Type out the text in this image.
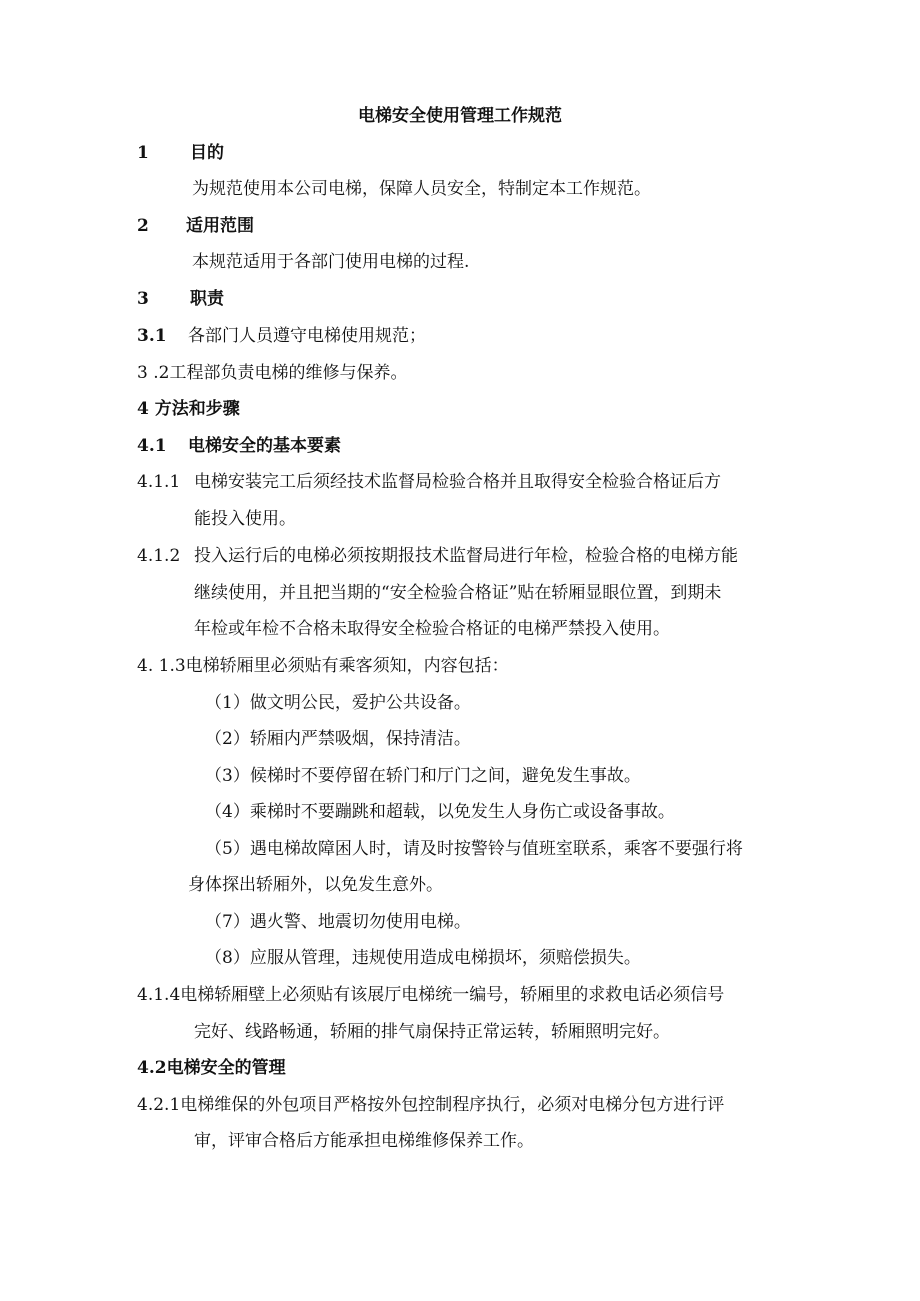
电梯安全使用管理工作规范
1 目的
为规范使用本公司电梯，保障人员安全，特制定本工作规范。
2 适用范围
本规范适用于各部门使用电梯的过程.
3 职责
3.1 各部门人员遵守电梯使用规范；
3 .2工程部负责电梯的维修与保养。
4 方法和步骤
4.1 电梯安全的基本要素
4.1.1 电梯安装完工后须经技术监督局检验合格并且取得安全检验合格证后方
能投入使用。
4.1.2 投入运行后的电梯必须按期报技术监督局进行年检，检验合格的电梯方能
继续使用，并且把当期的“安全检验合格证”贴在轿厢显眼位置，到期未
年检或年检不合格未取得安全检验合格证的电梯严禁投入使用。
4. 1.3电梯轿厢里必须贴有乘客须知，内容包括：
（1）做文明公民，爱护公共设备。
（2）轿厢内严禁吸烟，保持清洁。
（3）候梯时不要停留在轿门和厅门之间，避免发生事故。
（4）乘梯时不要蹦跳和超载，以免发生人身伤亡或设备事故。
（5）遇电梯故障困人时，请及时按警铃与值班室联系，乘客不要强行将
身体探出轿厢外，以免发生意外。
（7）遇火警、地震切勿使用电梯。
（8）应服从管理，违规使用造成电梯损坏，须赔偿损失。
4.1.4电梯轿厢壁上必须贴有该展厅电梯统一编号，轿厢里的求救电话必须信号
完好、线路畅通，轿厢的排气扇保持正常运转，轿厢照明完好。
4.2电梯安全的管理
4.2.1电梯维保的外包项目严格按外包控制程序执行，必须对电梯分包方进行评
审，评审合格后方能承担电梯维修保养工作。
